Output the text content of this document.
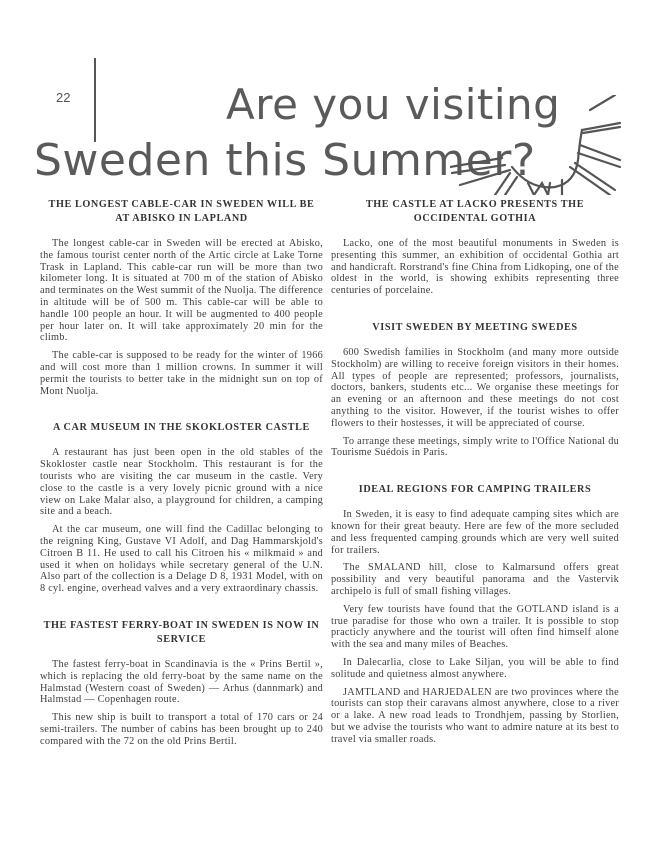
22	Are you visiting
Sweden this Summer?
THE LONGEST CABLE-CAR IN SWEDEN WILL BE AT ABISKO IN LAPLAND

The longest cable-car in Sweden will be erected at Abisko, the famous tourist center north of the Artic circle at Lake Torne Trask in Lapland. This cable-car run will be more than two kilometer long. It is situated at 700 m of the station of Abisko and terminates on the West summit of the Nuolja. The difference in altitude will be of 500 m. This cable-car will be able to handle 100 people an hour. It will be augmented to 400 people per hour later on. It will take approximately 20 min for the climb.

The cable-car is supposed to be ready for the winter of 1966 and will cost more than 1 million crowns. In summer it will permit the tourists to better take in the midnight sun on top of Mont Nuolja.

A CAR MUSEUM IN THE SKOKLOSTER CASTLE

A restaurant has just been open in the old stables of the Skokloster castle near Stockholm. This restaurant is for the tourists who are visiting the car museum in the castle. Very close to the castle is a very lovely picnic ground with a nice view on Lake Malar also, a playground for children, a camping site and a beach.

At the car museum, one will find the Cadillac belonging to the reigning King, Gustave VI Adolf, and Dag Hammarskjold's Citroen B 11. He used to call his Citroen his « milkmaid » and used it when on holidays while secretary general of the U.N. Also part of the collection is a Delage D 8, 1931 Model, with on 8 cyl. engine, overhead valves and a very extraordinary chassis.

THE FASTEST FERRY-BOAT IN SWEDEN IS NOW IN SERVICE

The fastest ferry-boat in Scandinavia is the « Prins Bertil », which is replacing the old ferry-boat by the same name on the Halmstad (Western coast of Sweden) — Arhus (dannmark) and Halmstad — Copenhagen route.

This new ship is built to transport a total of 170 cars or 24 semi-trailers. The number of cabins has been brought up to 240 compared with the 72 on the old Prins Bertil.

THE CASTLE AT LACKO PRESENTS THE OCCIDENTAL GOTHIA

Lacko, one of the most beautiful monuments in Sweden is presenting this summer, an exhibition of occidental Gothia art and handicraft. Rorstrand's fine China from Lidkoping, one of the oldest in the world, is showing exhibits representing three centuries of porcelaine.

VISIT SWEDEN BY MEETING SWEDES

600 Swedish families in Stockholm (and many more outside Stockholm) are willing to receive foreign visitors in their homes. All types of people are represented; professors, journalists, doctors, bankers, students etc... We organise these meetings for an evening or an afternoon and these meetings do not cost anything to the visitor. However, if the tourist wishes to offer flowers to their hostesses, it will be appreciated of course.

To arrange these meetings, simply write to l'Office National du Tourisme Suédois in Paris.

IDEAL REGIONS FOR CAMPING TRAILERS

In Sweden, it is easy to find adequate camping sites which are known for their great beauty. Here are few of the more secluded and less frequented camping grounds which are very well suited for trailers.

The SMALAND hill, close to Kalmarsund offers great possibility and very beautiful panorama and the Vastervik archipelo is full of small fishing villages.

Very few tourists have found that the GOTLAND island is a true paradise for those who own a trailer. It is possible to stop practicly anywhere and the tourist will often find himself alone with the sea and many miles of Beaches.

In Dalecarlia, close to Lake Siljan, you will be able to find solitude and quietness almost anywhere.

JAMTLAND and HARJEDALEN are two provinces where the tourists can stop their caravans almost anywhere, close to a river or a lake. A new road leads to Trondhjem, passing by Storlien, but we advise the tourists who want to admire nature at its best to travel via smaller roads.
